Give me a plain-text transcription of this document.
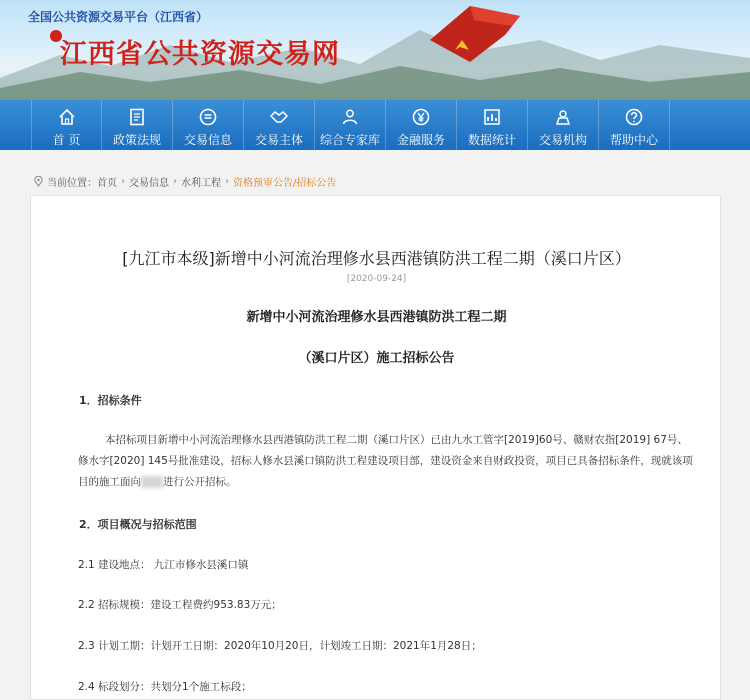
全国公共资源交易平台（江西省）
江西省公共资源交易网
首 页	政策法规 交易信息 交易主体 综合专家库 金融服务 数据统计 交易机构 帮助中心
当前位置： 首页 › 交易信息 › 水利工程 › 资格预审公告/招标公告
[九江市本级]新增中小河流治理修水县西港镇防洪工程二期（溪口片区）
[2020-09-24]
新增中小河流治理修水县西港镇防洪工程二期
（溪口片区）施工招标公告
1．招标条件
本招标项目新增中小河流治理修水县西港镇防洪工程二期（溪口片区）已由九水工管字[2019]60号、赣财农指[2019] 67号、修水字[2020] 145号批准建设，招标人修水县溪口镇防洪工程建设项目部，建设资金来自财政投资，项目已具备招标条件，现就该项目的施工面向 进行公开招标。
2．项目概况与招标范围
2.1 建设地点： 九江市修水县溪口镇
2.2 招标规模：建设工程费约953.83万元；
2.3 计划工期：计划开工日期：2020年10月20日，计划竣工日期：2021年1月28日；
2.4 标段划分：共划分1个施工标段；
